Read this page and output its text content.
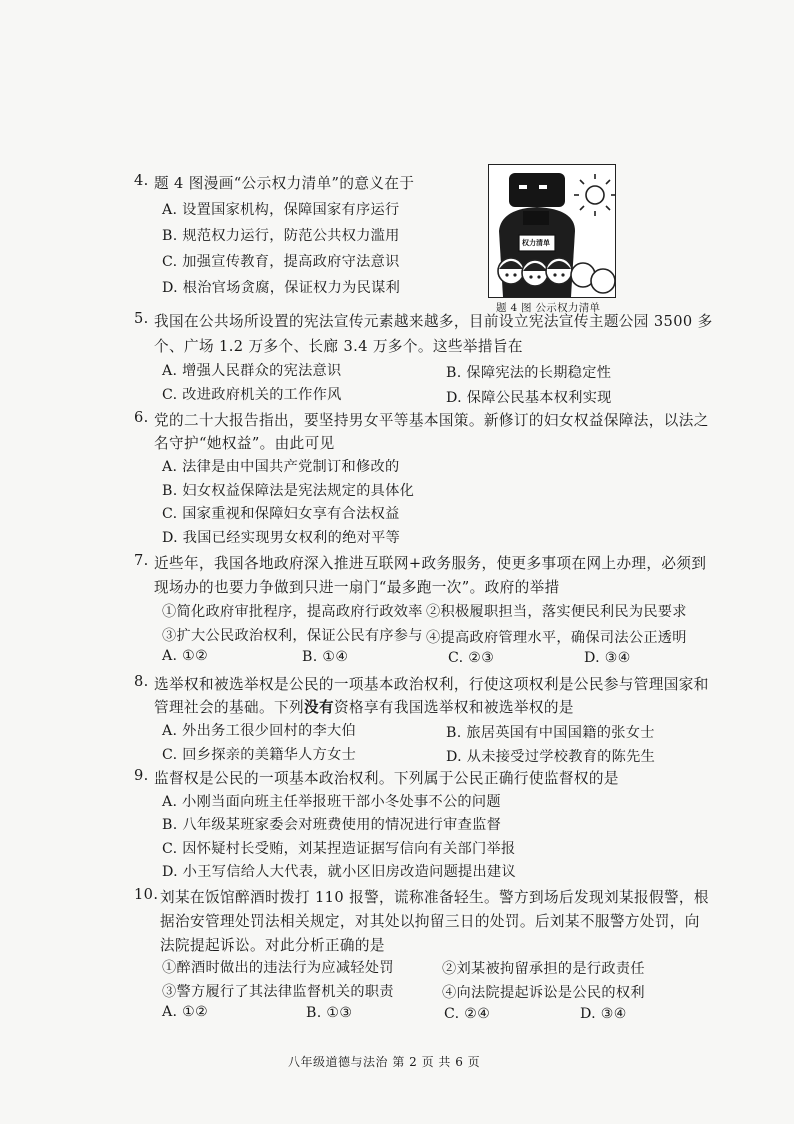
4. 题 4 图漫画“公示权力清单”的意义在于
A. 设置国家机构，保障国家有序运行
B. 规范权力运行，防范公共权力滥用
C. 加强宣传教育，提高政府守法意识
D. 根治官场贪腐，保证权力为民谋利
权力清单
题 4 图 公示权力清单
5. 我国在公共场所设置的宪法宣传元素越来越多，目前设立宪法宣传主题公园 3500 多
个、广场 1.2 万多个、长廊 3.4 万多个。这些举措旨在
A. 增强人民群众的宪法意识	B. 保障宪法的长期稳定性
C. 改进政府机关的工作作风	D. 保障公民基本权利实现
6. 党的二十大报告指出，要坚持男女平等基本国策。新修订的妇女权益保障法，以法之
名守护“她权益”。由此可见
A. 法律是由中国共产党制订和修改的
B. 妇女权益保障法是宪法规定的具体化
C. 国家重视和保障妇女享有合法权益
D. 我国已经实现男女权利的绝对平等
7. 近些年，我国各地政府深入推进互联网+政务服务，使更多事项在网上办理，必须到
现场办的也要力争做到只进一扇门“最多跑一次”。政府的举措
①简化政府审批程序，提高政府行政效率 ②积极履职担当，落实便民利民为民要求
③扩大公民政治权利，保证公民有序参与 ④提高政府管理水平，确保司法公正透明
A. ①②	B. ①④	C. ②③	D. ③④
8. 选举权和被选举权是公民的一项基本政治权利，行使这项权利是公民参与管理国家和
管理社会的基础。下列没有资格享有我国选举权和被选举权的是
A. 外出务工很少回村的李大伯	B. 旅居英国有中国国籍的张女士
C. 回乡探亲的美籍华人方女士	D. 从未接受过学校教育的陈先生
9. 监督权是公民的一项基本政治权利。下列属于公民正确行使监督权的是
A. 小刚当面向班主任举报班干部小冬处事不公的问题
B. 八年级某班家委会对班费使用的情况进行审查监督
C. 因怀疑村长受贿，刘某捏造证据写信向有关部门举报
D. 小王写信给人大代表，就小区旧房改造问题提出建议
10. 刘某在饭馆醉酒时拨打 110 报警，谎称准备轻生。警方到场后发现刘某报假警，根
据治安管理处罚法相关规定，对其处以拘留三日的处罚。后刘某不服警方处罚，向
法院提起诉讼。对此分析正确的是
①醉酒时做出的违法行为应减轻处罚	②刘某被拘留承担的是行政责任
③警方履行了其法律监督机关的职责	④向法院提起诉讼是公民的权利
A. ①②	B. ①③	C. ②④	D. ③④
八年级道德与法治 第 2 页 共 6 页
